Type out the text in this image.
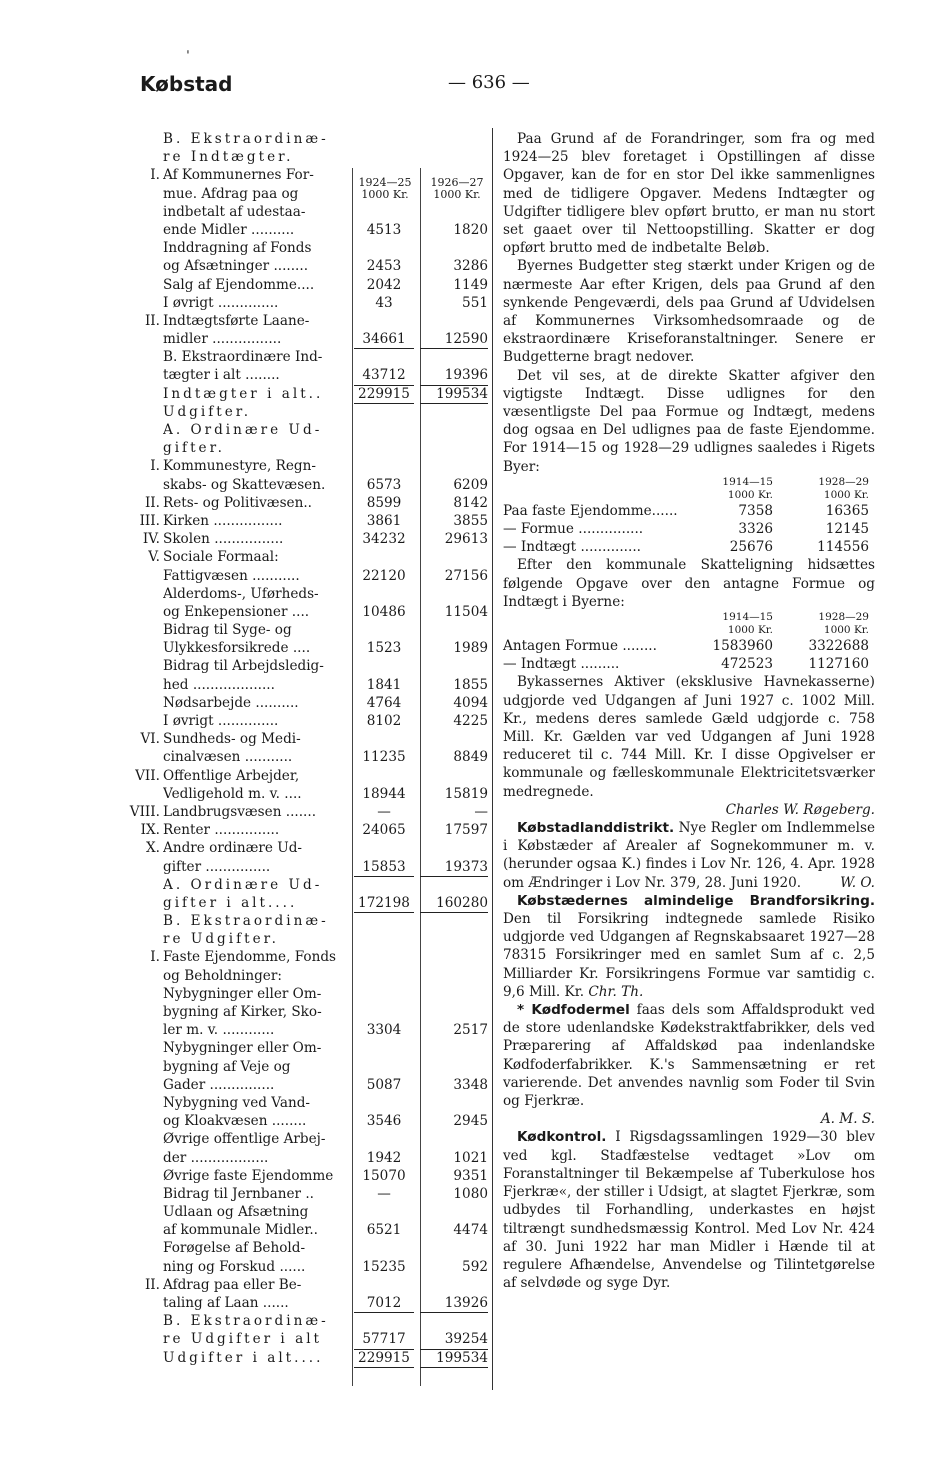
ˌ
Købstad	— 636 —
1924—25
1000 Kr.
1926—27
1000 Kr.
B. Ekstraordinæ-
re Indtægter.
I. Af Kommunernes For-
mue. Afdrag paa og
indbetalt af udestaa-
ende Midler ..........	4513	1820
Inddragning af Fonds
og Afsætninger ........	2453	3286
Salg af Ejendomme....	2042	1149
I øvrigt ..............	43	551
II. Indtægtsførte Laane-
midler ................	34661	12590
B. Ekstraordinære Ind-
tægter i alt ........	43712	19396
Indtægter i alt..	229915	199534
Udgifter.
A. Ordinære Ud-
gifter.
I. Kommunestyre, Regn-
skabs- og Skattevæsen.	6573	6209
II. Rets- og Politivæsen..	8599	8142
III. Kirken ................	3861	3855
IV. Skolen ................	34232	29613
V. Sociale Formaal:
Fattigvæsen ...........	22120	27156
Alderdoms-, Uførheds-
og Enkepensioner ....	10486	11504
Bidrag til Syge- og
Ulykkesforsikrede ....	1523	1989
Bidrag til Arbejdsledig-
hed ...................	1841	1855
Nødsarbejde ..........	4764	4094
I øvrigt ..............	8102	4225
VI. Sundheds- og Medi-
cinalvæsen ...........	11235	8849
VII. Offentlige Arbejder,
Vedligehold m. v. ....	18944	15819
VIII. Landbrugsvæsen .......	—	—
IX. Renter ...............	24065	17597
X. Andre ordinære Ud-
gifter ...............	15853	19373
A. Ordinære Ud-
gifter i alt....	172198	160280
B. Ekstraordinæ-
re Udgifter.
I. Faste Ejendomme, Fonds
og Beholdninger:
Nybygninger eller Om-
bygning af Kirker, Sko-
ler m. v. ............	3304	2517
Nybygninger eller Om-
bygning af Veje og
Gader ...............	5087	3348
Nybygning ved Vand-
og Kloakvæsen ........	3546	2945
Øvrige offentlige Arbej-
der ..................	1942	1021
Øvrige faste Ejendomme	15070	9351
Bidrag til Jernbaner ..	—	1080
Udlaan og Afsætning
af kommunale Midler..	6521	4474
Forøgelse af Behold-
ning og Forskud ......	15235	592
II. Afdrag paa eller Be-
taling af Laan ......	7012	13926
B. Ekstraordinæ-
re Udgifter i alt	57717	39254
Udgifter i alt....	229915	199534

Paa Grund af de Forandringer, som fra og med 1924—25 blev foretaget i Opstillingen af disse Opgaver, kan de for en stor Del ikke sammenlignes med de tidligere Opgaver. Medens Indtægter og Udgifter tidligere blev opført brutto, er man nu stort set gaaet over til Nettoopstilling. Skatter er dog opført brutto med de indbetalte Beløb.

Byernes Budgetter steg stærkt under Krigen og de nærmeste Aar efter Krigen, dels paa Grund af den synkende Pengeværdi, dels paa Grund af Udvidelsen af Kommunernes Virksomhedsomraade og de ekstraordinære Kriseforanstaltninger. Senere er Budgetterne bragt nedover.

Det vil ses, at de direkte Skatter afgiver den vigtigste Indtægt. Disse udlignes for den væsentligste Del paa Formue og Indtægt, medens dog ogsaa en Del udlignes paa de faste Ejendomme. For 1914—15 og 1928—29 udlignes saaledes i Rigets Byer:

1914—15
1000 Kr.
1928—29
1000 Kr.
Paa faste Ejendomme......	7358	16365
— Formue ...............	3326	12145
— Indtægt ..............	25676	114556

Efter den kommunale Skatteligning hidsættes følgende Opgave over den antagne Formue og Indtægt i Byerne:

1914—15
1000 Kr.
1928—29
1000 Kr.
Antagen Formue ........	1583960	3322688
— Indtægt .........	472523	1127160

Bykassernes Aktiver (eksklusive Havnekasserne) udgjorde ved Udgangen af Juni 1927 c. 1002 Mill. Kr., medens deres samlede Gæld udgjorde c. 758 Mill. Kr. Gælden var ved Udgangen af Juni 1928 reduceret til c. 744 Mill. Kr. I disse Opgivelser er kommunale og fælleskommunale Elektricitetsværker medregnede.

Charles W. Røgeberg.

Købstadlanddistrikt. Nye Regler om Indlemmelse i Købstæder af Arealer af Sognekommuner m. v. (herunder ogsaa K.) findes i Lov Nr. 126, 4. Apr. 1928 om Ændringer i Lov Nr. 379, 28. Juni 1920.	W. O.

Købstædernes almindelige Brandforsikring. Den til Forsikring indtegnede samlede Risiko udgjorde ved Udgangen af Regnskabsaaret 1927—28 78315 Forsikringer med en samlet Sum af c. 2,5 Milliarder Kr. Forsikringens Formue var samtidig c. 9,6 Mill. Kr. Chr. Th.

* Kødfodermel faas dels som Affaldsprodukt ved de store udenlandske Kødekstraktfabrikker, dels ved Præparering af Affaldskød paa indenlandske Kødfoderfabrikker. K.'s Sammensætning er ret varierende. Det anvendes navnlig som Foder til Svin og Fjerkræ.

A. M. S.

Kødkontrol. I Rigsdagssamlingen 1929—30 blev ved kgl. Stadfæstelse vedtaget »Lov om Foranstaltninger til Bekæmpelse af Tuberkulose hos Fjerkræ«, der stiller i Udsigt, at slagtet Fjerkræ, som udbydes til Forhandling, underkastes en højst tiltrængt sundhedsmæssig Kontrol. Med Lov Nr. 424 af 30. Juni 1922 har man Midler i Hænde til at regulere Afhændelse, Anvendelse og Tilintetgørelse af selvdøde og syge Dyr.
